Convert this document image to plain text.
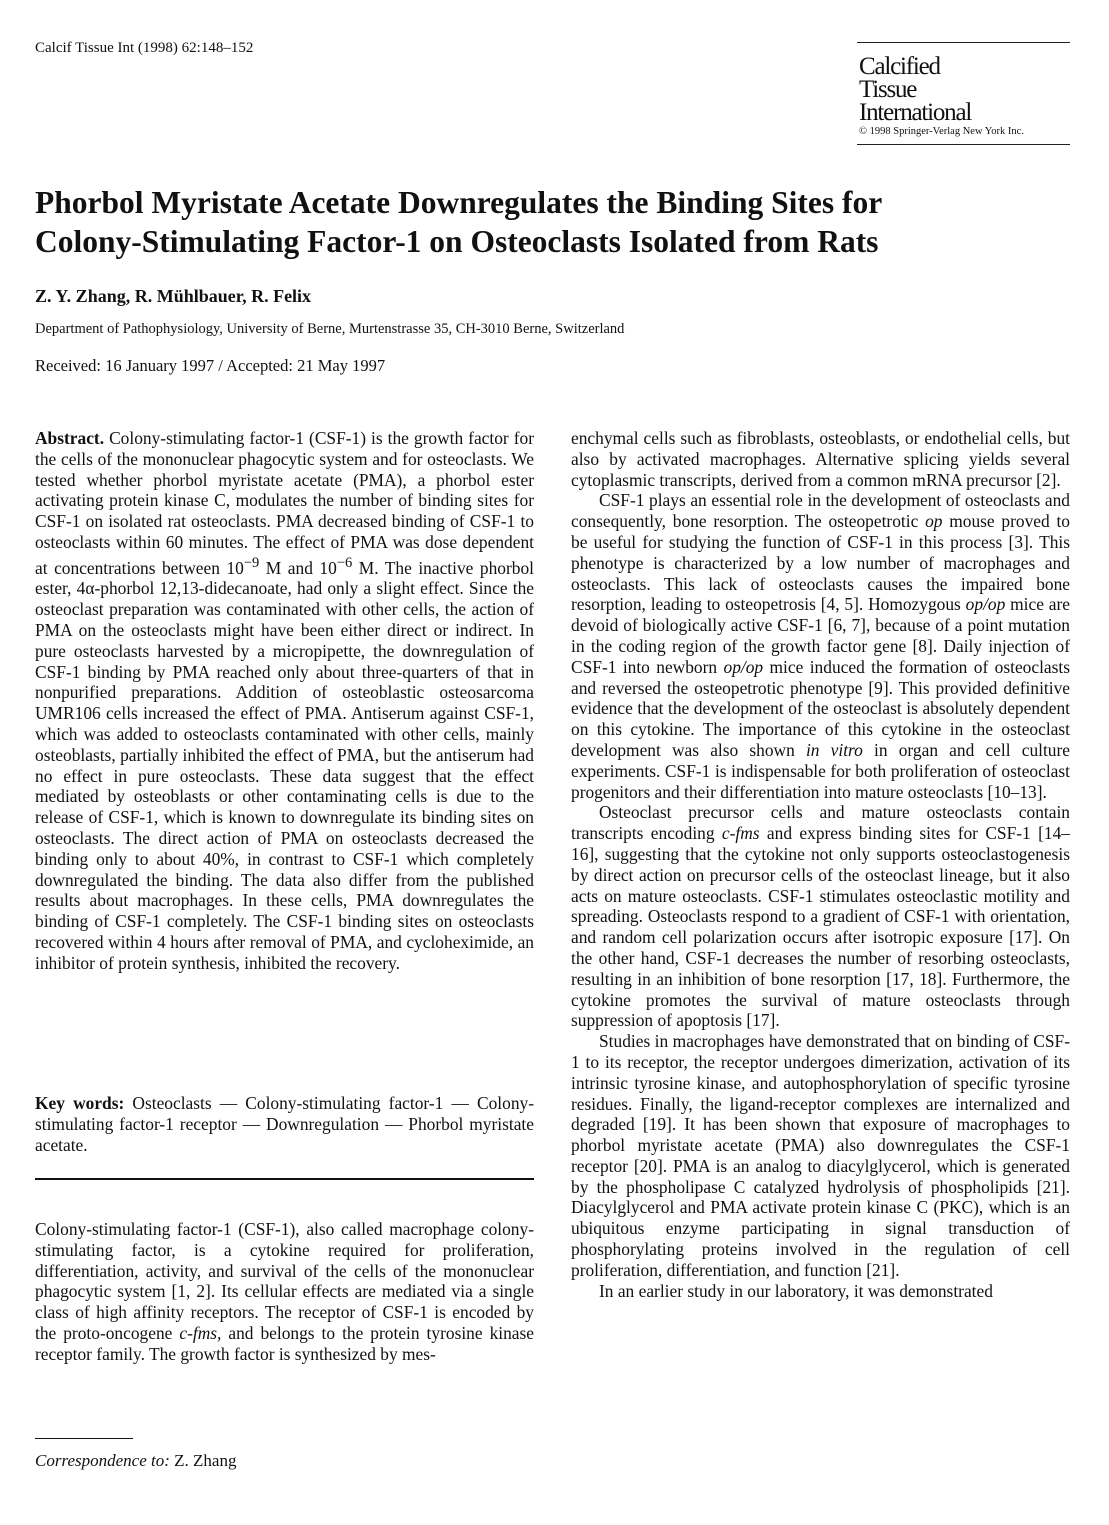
Calcif Tissue Int (1998) 62:148–152
Calcified
Tissue
International
© 1998 Springer-Verlag New York Inc.
Phorbol Myristate Acetate Downregulates the Binding Sites for
Colony-Stimulating Factor-1 on Osteoclasts Isolated from Rats
Z. Y. Zhang, R. Mühlbauer, R. Felix
Department of Pathophysiology, University of Berne, Murtenstrasse 35, CH-3010 Berne, Switzerland
Received: 16 January 1997 / Accepted: 21 May 1997

Abstract. Colony-stimulating factor-1 (CSF-1) is the growth factor for the cells of the mononuclear phagocytic system and for osteoclasts. We tested whether phorbol myristate acetate (PMA), a phorbol ester activating protein kinase C, modulates the number of binding sites for CSF-1 on isolated rat osteoclasts. PMA decreased binding of CSF-1 to osteoclasts within 60 minutes. The effect of PMA was dose dependent at concentrations between $10^{-9}$ M and $10^{-6}$ M. The inactive phorbol ester, 4α-phorbol 12,13-didecanoate, had only a slight effect. Since the osteoclast preparation was contaminated with other cells, the action of PMA on the osteoclasts might have been either direct or indirect. In pure osteoclasts harvested by a micropipette, the downregulation of CSF-1 binding by PMA reached only about three-quarters of that in nonpurified preparations. Addition of osteoblastic osteosarcoma UMR106 cells increased the effect of PMA. Antiserum against CSF-1, which was added to osteoclasts contaminated with other cells, mainly osteoblasts, partially inhibited the effect of PMA, but the antiserum had no effect in pure osteoclasts. These data suggest that the effect mediated by osteoblasts or other contaminating cells is due to the release of CSF-1, which is known to downregulate its binding sites on osteoclasts. The direct action of PMA on osteoclasts decreased the binding only to about 40%, in contrast to CSF-1 which completely downregulated the binding. The data also differ from the published results about macrophages. In these cells, PMA downregulates the binding of CSF-1 completely. The CSF-1 binding sites on osteoclasts recovered within 4 hours after removal of PMA, and cycloheximide, an inhibitor of protein synthesis, inhibited the recovery.

Key words: Osteoclasts — Colony-stimulating factor-1 — Colony-stimulating factor-1 receptor — Downregulation — Phorbol myristate acetate.

Colony-stimulating factor-1 (CSF-1), also called macrophage colony-stimulating factor, is a cytokine required for proliferation, differentiation, activity, and survival of the cells of the mononuclear phagocytic system [1, 2]. Its cellular effects are mediated via a single class of high affinity receptors. The receptor of CSF-1 is encoded by the proto-oncogene c-fms, and belongs to the protein tyrosine kinase receptor family. The growth factor is synthesized by mes-

Correspondence to: Z. Zhang

enchymal cells such as fibroblasts, osteoblasts, or endothelial cells, but also by activated macrophages. Alternative splicing yields several cytoplasmic transcripts, derived from a common mRNA precursor [2].

CSF-1 plays an essential role in the development of osteoclasts and consequently, bone resorption. The osteopetrotic op mouse proved to be useful for studying the function of CSF-1 in this process [3]. This phenotype is characterized by a low number of macrophages and osteoclasts. This lack of osteoclasts causes the impaired bone resorption, leading to osteopetrosis [4, 5]. Homozygous op/op mice are devoid of biologically active CSF-1 [6, 7], because of a point mutation in the coding region of the growth factor gene [8]. Daily injection of CSF-1 into newborn op/op mice induced the formation of osteoclasts and reversed the osteopetrotic phenotype [9]. This provided definitive evidence that the development of the osteoclast is absolutely dependent on this cytokine. The importance of this cytokine in the osteoclast development was also shown in vitro in organ and cell culture experiments. CSF-1 is indispensable for both proliferation of osteoclast progenitors and their differentiation into mature osteoclasts [10–13].

Osteoclast precursor cells and mature osteoclasts contain transcripts encoding c-fms and express binding sites for CSF-1 [14–16], suggesting that the cytokine not only supports osteoclastogenesis by direct action on precursor cells of the osteoclast lineage, but it also acts on mature osteoclasts. CSF-1 stimulates osteoclastic motility and spreading. Osteoclasts respond to a gradient of CSF-1 with orientation, and random cell polarization occurs after isotropic exposure [17]. On the other hand, CSF-1 decreases the number of resorbing osteoclasts, resulting in an inhibition of bone resorption [17, 18]. Furthermore, the cytokine promotes the survival of mature osteoclasts through suppression of apoptosis [17].

Studies in macrophages have demonstrated that on binding of CSF-1 to its receptor, the receptor undergoes dimerization, activation of its intrinsic tyrosine kinase, and autophosphorylation of specific tyrosine residues. Finally, the ligand-receptor complexes are internalized and degraded [19]. It has been shown that exposure of macrophages to phorbol myristate acetate (PMA) also downregulates the CSF-1 receptor [20]. PMA is an analog to diacylglycerol, which is generated by the phospholipase C catalyzed hydrolysis of phospholipids [21]. Diacylglycerol and PMA activate protein kinase C (PKC), which is an ubiquitous enzyme participating in signal transduction of phosphorylating proteins involved in the regulation of cell proliferation, differentiation, and function [21].

In an earlier study in our laboratory, it was demonstrated
